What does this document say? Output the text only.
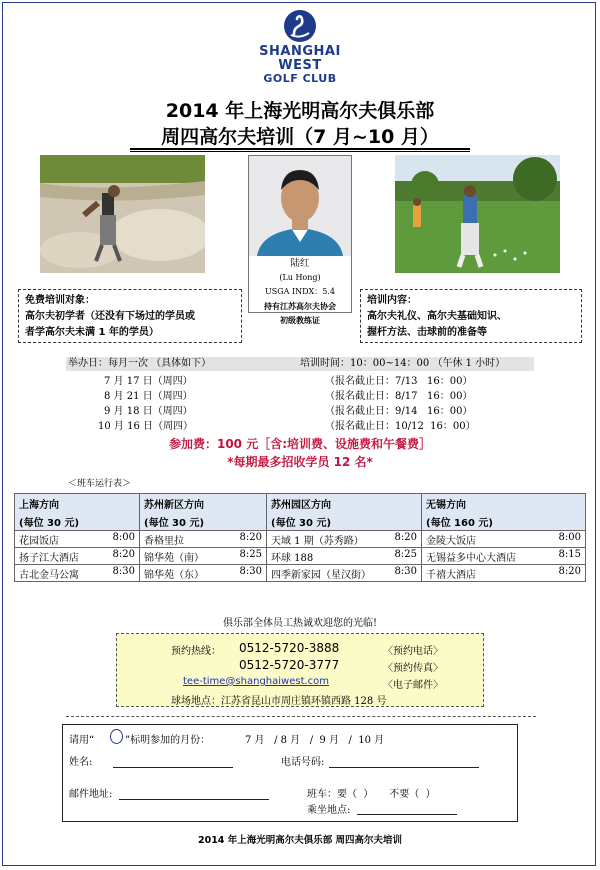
SHANGHAI WEST
GOLF CLUB
2014 年上海光明高尔夫俱乐部
周四高尔夫培训（7 月~10 月）
陆红
(Lu Hong)
USGA INDX：5.4
持有江苏高尔夫协会
初级教练证
免费培训对象：
高尔夫初学者（还没有下场过的学员或
者学高尔夫未满 1 年的学员）
培训内容：
高尔夫礼仪、高尔夫基础知识、
握杆方法、击球前的准备等
举办日：每月一次 （具体如下）	培训时间：10：00~14：00 （午休 1 小时）
7 月 17 日（周四）	（报名截止日：7/13   16：00）
8 月 21 日（周四）	（报名截止日：8/17   16：00）
9 月 18 日（周四）	（报名截止日：9/14   16：00）
10 月 16 日（周四）	（报名截止日：10/12  16：00）
参加费：100 元［含:培训费、设施费和午餐费］
*每期最多招收学员 12 名*
＜班车运行表＞
上海方向	苏州新区方向	苏州园区方向	无锡方向
(每位 30 元)	(每位 30 元)	(每位 30 元)	(每位 160 元)

花园饭店 8:00	香格里拉 8:20	天域 1 期（苏秀路） 8:20	金陵大饭店 8:00

扬子江大酒店 8:20	锦华苑（南） 8:25	环球 188 8:25	无锡益多中心大酒店 8:15

古北金马公寓 8:30	锦华苑（东） 8:30	四季新家园（星汉街） 8:30	千禧大酒店 8:20
俱乐部全体员工热诚欢迎您的光临!
预约热线： 0512-5720-3888	〈预约电话〉
0512-5720-3777	〈预约传真〉
tee-time@shanghaiwest.com	〈电子邮件〉
球场地点：江苏省昆山市周庄镇环镇西路 128 号
请用“ ○ ”标明参加的月份：	7 月   / 8 月   /  9 月   /  10 月
姓名:	电话号码:
邮件地址:	班车：要（  ）     不要（  ）
乘坐地点:
2014 年上海光明高尔夫俱乐部 周四高尔夫培训
